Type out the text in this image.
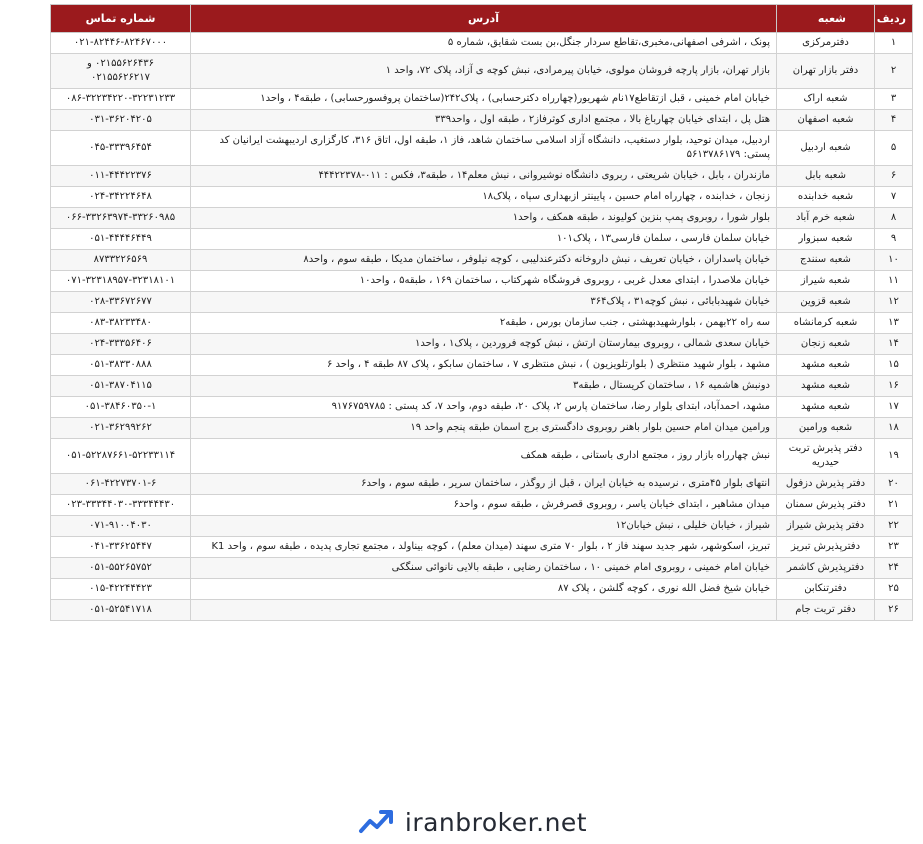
ردیف	شعبه	آدرس	شماره تماس
۱	دفترمرکزی	پونک ، اشرفی اصفهانی،مخبری،تقاطع سردار جنگل،بن بست شقایق، شماره ۵	۰۲۱-۸۲۴۴۶-۸۲۴۶۷۰۰۰
۲	دفتر بازار تهران	بازار تهران، بازار پارچه فروشان مولوی، خیابان پیرمرادی، نبش کوچه ی آزاد، پلاک ۷۲، واحد ۱	۰۲۱۵۵۶۲۶۴۳۶ و ۰۲۱۵۵۶۲۶۲۱۷
۳	شعبه اراک	خیابان امام خمینی ، قبل ازتقاطع۱۷نام شهریور(چهارراه دکترحسابی) ، پلاک۲۴۲(ساختمان پروفسورحسابی) ، طبقه۴ ، واحد۱	۰۸۶-۳۲۲۳۴۲۲۰-۳۲۲۳۱۲۳۳
۴	شعبه اصفهان	هتل پل ، ابتدای خیابان چهارباغ بالا ، مجتمع اداری کوثرفاز۲ ، طبقه اول ، واحد۳۳۹	۰۳۱-۳۶۲۰۴۲۰۵
۵	شعبه اردبیل	اردبیل، میدان توحید، بلوار دستغیب، دانشگاه آزاد اسلامی ساختمان شاهد، فاز ۱، طبقه اول، اتاق ۳۱۶، کارگزاری اردیبهشت ایرانیان کد پستی: ۵۶۱۳۷۸۶۱۷۹	۰۴۵-۳۳۳۹۶۴۵۴
۶	شعبه بابل	مازندران ، بابل ، خیابان شریعتی ، ربروی دانشگاه نوشیروانی ، نبش معلم۱۴ ، طبقه۳، فکس : ۰۱۱-۴۴۴۲۲۳۷۸	۰۱۱-۴۴۴۲۲۳۷۶
۷	شعبه خدابنده	زنجان ، خدابنده ، چهارراه امام حسین ، پایینتر ازبهداری سپاه ، پلاک۱۸	۰۲۴-۳۴۲۲۴۶۴۸
۸	شعبه خرم آباد	بلوار شورا ، روبروی پمپ بنزین کولیوند ، طبقه همکف ، واحد۱	۰۶۶-۳۳۲۶۳۹۷۴-۳۳۲۶۰۹۸۵
۹	شعبه سبزوار	خیابان سلمان فارسی ، سلمان فارسی۱۳ ، پلاک۱۰۱	۰۵۱-۴۴۴۴۶۴۴۹
۱۰	شعبه سنندج	خیابان پاسداران ، خیابان تعریف ، نبش داروخانه دکترعندلیبی ، کوچه نیلوفر ، ساختمان مدیکا ، طبقه سوم ، واحد۸	۸۷۳۳۲۲۶۵۶۹
۱۱	شعبه شیراز	خیابان ملاصدرا ، ابتدای معدل غربی ، روبروی فروشگاه شهرکتاب ، ساختمان ۱۶۹ ، طبقه۵ ، واحد۱۰	۰۷۱-۳۲۳۱۸۹۵۷-۳۲۳۱۸۱۰۱
۱۲	شعبه قزوین	خیابان شهیدبابائی ، نبش کوچه۳۱ ، پلاک۳۶۴	۰۲۸-۳۳۶۷۲۶۷۷
۱۳	شعبه کرمانشاه	سه راه ۲۲بهمن ، بلوارشهیدبهشتی ، جنب سازمان بورس ، طبقه۲	۰۸۳-۳۸۲۳۳۴۸۰
۱۴	شعبه زنجان	خیابان سعدی شمالی ، روبروی بیمارستان ارتش ، نبش کوچه فروردین ، پلاک۱ ، واحد۱	۰۲۴-۳۳۳۵۶۴۰۶
۱۵	شعبه مشهد	مشهد ، بلوار شهید منتظری ( بلوارتلویزیون ) ، نبش منتظری ۷ ، ساختمان سابکو ، پلاک ۸۷ طبقه ۴ ، واحد ۶	۰۵۱-۳۸۳۳۰۸۸۸
۱۶	شعبه مشهد	دونبش هاشمیه ۱۶ ، ساختمان کریستال ، طبقه۳	۰۵۱-۳۸۷۰۴۱۱۵
۱۷	شعبه مشهد	مشهد، احمدآباد، ابتدای بلوار رضا، ساختمان پارس ۲، پلاک ۲۰، طبقه دوم، واحد ۷، کد پستی : ۹۱۷۶۷۵۹۷۸۵	۰۵۱-۳۸۴۶۰۳۵۰-۱
۱۸	شعبه ورامین	ورامین میدان امام حسین بلوار باهنر روبروی دادگستری برج اسمان طبقه پنجم واحد ۱۹	۰۲۱-۳۶۲۹۹۲۶۲
۱۹	دفتر پذیرش تربت حیدریه	نبش چهارراه بازار روز ، مجتمع اداری باستانی ، طبقه همکف	۰۵۱-۵۲۲۸۷۶۶۱-۵۲۲۳۳۱۱۴
۲۰	دفتر پذیرش دزفول	انتهای بلوار ۴۵متری ، نرسیده به خیابان ایران ، قبل از روگذر ، ساختمان سریر ، طبقه سوم ، واحد۶	۰۶۱-۴۲۲۷۳۷۰۱-۶
۲۱	دفتر پذیرش سمنان	میدان مشاهیر ، ابتدای خیابان یاسر ، روبروی قصرفرش ، طبقه سوم ، واحد۶	۰۲۳-۳۳۳۴۴۰۳۰-۳۳۳۴۴۴۳۰
۲۲	دفتر پذیرش شیراز	شیراز ، خیابان خلیلی ، نبش خیابان۱۲	۰۷۱-۹۱۰۰۴۰۳۰
۲۳	دفترپذیرش تبریز	تبریز، اسکوشهر، شهر جدید سهند فاز ۲ ، بلوار ۷۰ متری سهند (میدان معلم) ، کوچه بیناولد ، مجتمع تجاری پدیده ، طبقه سوم ، واحد K1	۰۴۱-۳۳۶۲۵۴۴۷
۲۴	دفترپذیرش کاشمر	خیابان امام خمینی ، روبروی امام خمینی ۱۰ ، ساختمان رضایی ، طبقه بالایی نانوائی سنگکی	۰۵۱-۵۵۲۶۵۷۵۲
۲۵	دفترتنکابن	خیابان شیخ فضل الله نوری ، کوچه گلشن ، پلاک ۸۷	۰۱۵-۴۲۲۴۴۴۲۳
۲۶	دفتر تربت جام		۰۵۱-۵۲۵۴۱۷۱۸
iranbroker.net
